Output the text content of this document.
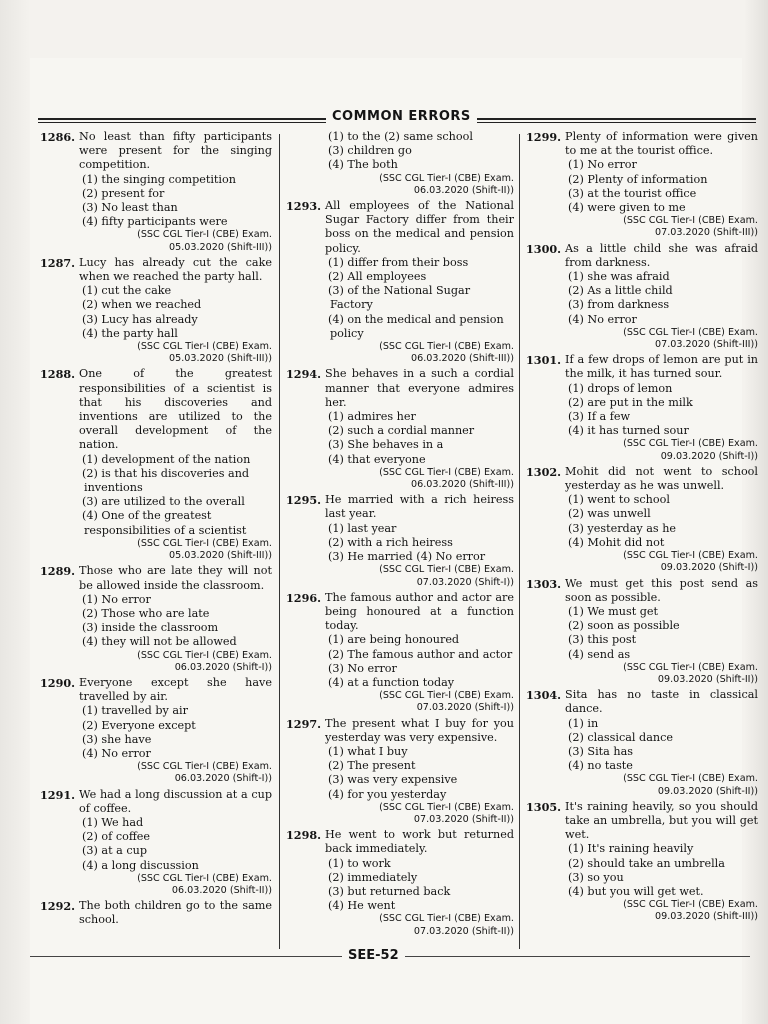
COMMON ERRORS
1286. No least than fifty participants were present for the singing competition.
(1) the singing competition
(2) present for
(3) No least than
(4) fifty participants were
(SSC CGL Tier-I (CBE) Exam.
05.03.2020 (Shift-III))
1287. Lucy has already cut the cake when we reached the party hall.
(1) cut the cake
(2) when we reached
(3) Lucy has already
(4) the party hall
(SSC CGL Tier-I (CBE) Exam.
05.03.2020 (Shift-III))
1288. One of the greatest responsibilities of a scientist is that his discoveries and inventions are utilized to the overall development of the nation.
(1) development of the nation
(2) is that his discoveries and inventions
(3) are utilized to the overall
(4) One of the greatest responsibilities of a scientist
(SSC CGL Tier-I (CBE) Exam.
05.03.2020 (Shift-III))
1289. Those who are late they will not be allowed inside the classroom.
(1) No error
(2) Those who are late
(3) inside the classroom
(4) they will not be allowed
(SSC CGL Tier-I (CBE) Exam.
06.03.2020 (Shift-I))
1290. Everyone except she have travelled by air.
(1) travelled by air
(2) Everyone except
(3) she have
(4) No error
(SSC CGL Tier-I (CBE) Exam.
06.03.2020 (Shift-I))
1291. We had a long discussion at a cup of coffee.
(1) We had
(2) of coffee
(3) at a cup
(4) a long discussion
(SSC CGL Tier-I (CBE) Exam.
06.03.2020 (Shift-II))
1292. The both children go to the same school.
(1) to the (2) same school
(3) children go
(4) The both
(SSC CGL Tier-I (CBE) Exam.
06.03.2020 (Shift-II))
1293. All employees of the National Sugar Factory differ from their boss on the medical and pension policy.
(1) differ from their boss
(2) All employees
(3) of the National Sugar Factory
(4) on the medical and pension policy
(SSC CGL Tier-I (CBE) Exam.
06.03.2020 (Shift-III))
1294. She behaves in a such a cordial manner that everyone admires her.
(1) admires her
(2) such a cordial manner
(3) She behaves in a
(4) that everyone
(SSC CGL Tier-I (CBE) Exam.
06.03.2020 (Shift-III))
1295. He married with a rich heiress last year.
(1) last year
(2) with a rich heiress
(3) He married (4) No error
(SSC CGL Tier-I (CBE) Exam.
07.03.2020 (Shift-I))
1296. The famous author and actor are being honoured at a function today.
(1) are being honoured
(2) The famous author and actor
(3) No error
(4) at a function today
(SSC CGL Tier-I (CBE) Exam.
07.03.2020 (Shift-I))
1297. The present what I buy for you yesterday was very expensive.
(1) what I buy
(2) The present
(3) was very expensive
(4) for you yesterday
(SSC CGL Tier-I (CBE) Exam.
07.03.2020 (Shift-II))
1298. He went to work but returned back immediately.
(1) to work
(2) immediately
(3) but returned back
(4) He went
(SSC CGL Tier-I (CBE) Exam.
07.03.2020 (Shift-II))
1299. Plenty of information were given to me at the tourist office.
(1) No error
(2) Plenty of information
(3) at the tourist office
(4) were given to me
(SSC CGL Tier-I (CBE) Exam.
07.03.2020 (Shift-III))
1300. As a little child she was afraid from darkness.
(1) she was afraid
(2) As a little child
(3) from darkness
(4) No error
(SSC CGL Tier-I (CBE) Exam.
07.03.2020 (Shift-III))
1301. If a few drops of lemon are put in the milk, it has turned sour.
(1) drops of lemon
(2) are put in the milk
(3) If a few
(4) it has turned sour
(SSC CGL Tier-I (CBE) Exam.
09.03.2020 (Shift-I))
1302. Mohit did not went to school yesterday as he was unwell.
(1) went to school
(2) was unwell
(3) yesterday as he
(4) Mohit did not
(SSC CGL Tier-I (CBE) Exam.
09.03.2020 (Shift-I))
1303. We must get this post send as soon as possible.
(1) We must get
(2) soon as possible
(3) this post
(4) send as
(SSC CGL Tier-I (CBE) Exam.
09.03.2020 (Shift-II))
1304. Sita has no taste in classical dance.
(1) in
(2) classical dance
(3) Sita has
(4) no taste
(SSC CGL Tier-I (CBE) Exam.
09.03.2020 (Shift-II))
1305. It's raining heavily, so you should take an umbrella, but you will get wet.
(1) It's raining heavily
(2) should take an umbrella
(3) so you
(4) but you will get wet.
(SSC CGL Tier-I (CBE) Exam.
09.03.2020 (Shift-III))
SEE-52
